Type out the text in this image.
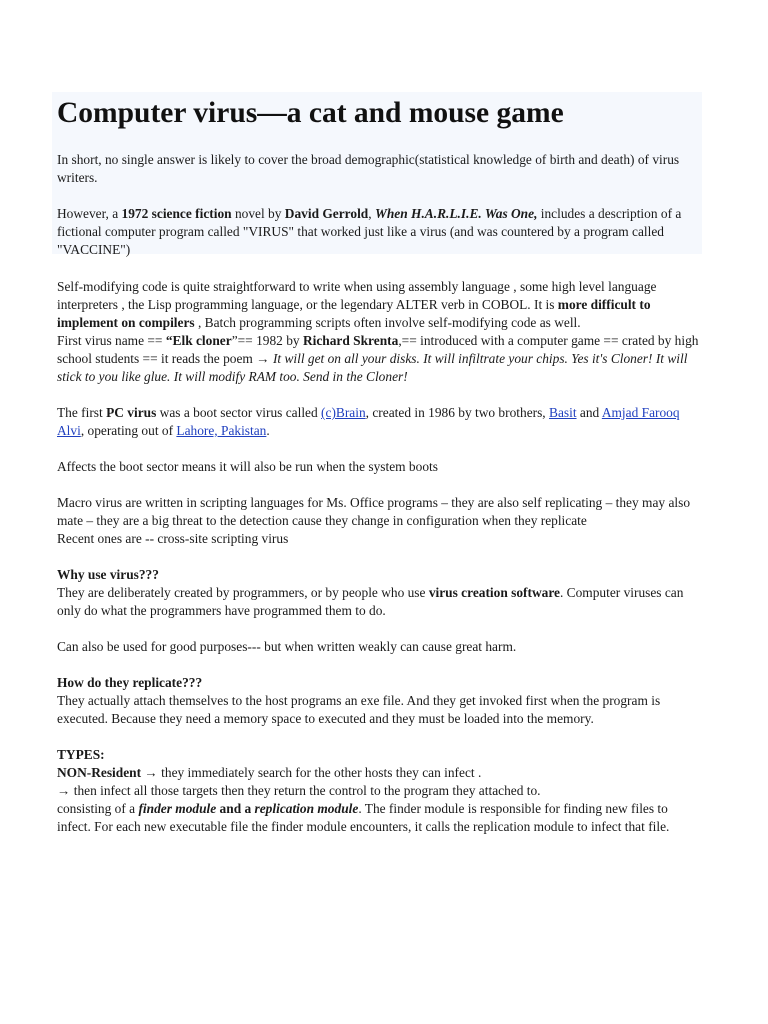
Computer virus—a cat and mouse game

In short, no single answer is likely to cover the broad demographic(statistical knowledge of birth and death) of virus writers.

However, a 1972 science fiction novel by David Gerrold, When H.A.R.L.I.E. Was One, includes a description of a fictional computer program called "VIRUS" that worked just like a virus (and was countered by a program called "VACCINE")

Self-modifying code is quite straightforward to write when using assembly language , some high level language interpreters , the Lisp programming language, or the legendary ALTER verb in COBOL. It is more difficult to implement on compilers , Batch programming scripts often involve self-modifying code as well.

First virus name == “Elk cloner”== 1982 by Richard Skrenta,== introduced with a computer game == crated by high school students == it reads the poem → It will get on all your disks. It will infiltrate your chips. Yes it's Cloner! It will stick to you like glue. It will modify RAM too. Send in the Cloner!

The first PC virus was a boot sector virus called (c)Brain, created in 1986 by two brothers, Basit and Amjad Farooq Alvi, operating out of Lahore, Pakistan.

Affects the boot sector means it will also be run when the system boots

Macro virus are written in scripting languages for Ms. Office programs – they are also self replicating – they may also mate – they are a big threat to the detection cause they change in configuration when they replicate

Recent ones are -- cross-site scripting virus

Why use virus???

They are deliberately created by programmers, or by people who use virus creation software. Computer viruses can only do what the programmers have programmed them to do.

Can also be used for good purposes--- but when written weakly can cause great harm.

How do they replicate???

They actually attach themselves to the host programs an exe file. And they get invoked first when the program is executed. Because they need a memory space to executed and they must be loaded into the memory.

TYPES:

NON-Resident → they immediately search for the other hosts they can infect .

→ then infect all those targets then they return the control to the program they attached to.

consisting of a finder module and a replication module. The finder module is responsible for finding new files to infect. For each new executable file the finder module encounters, it calls the replication module to infect that file.
